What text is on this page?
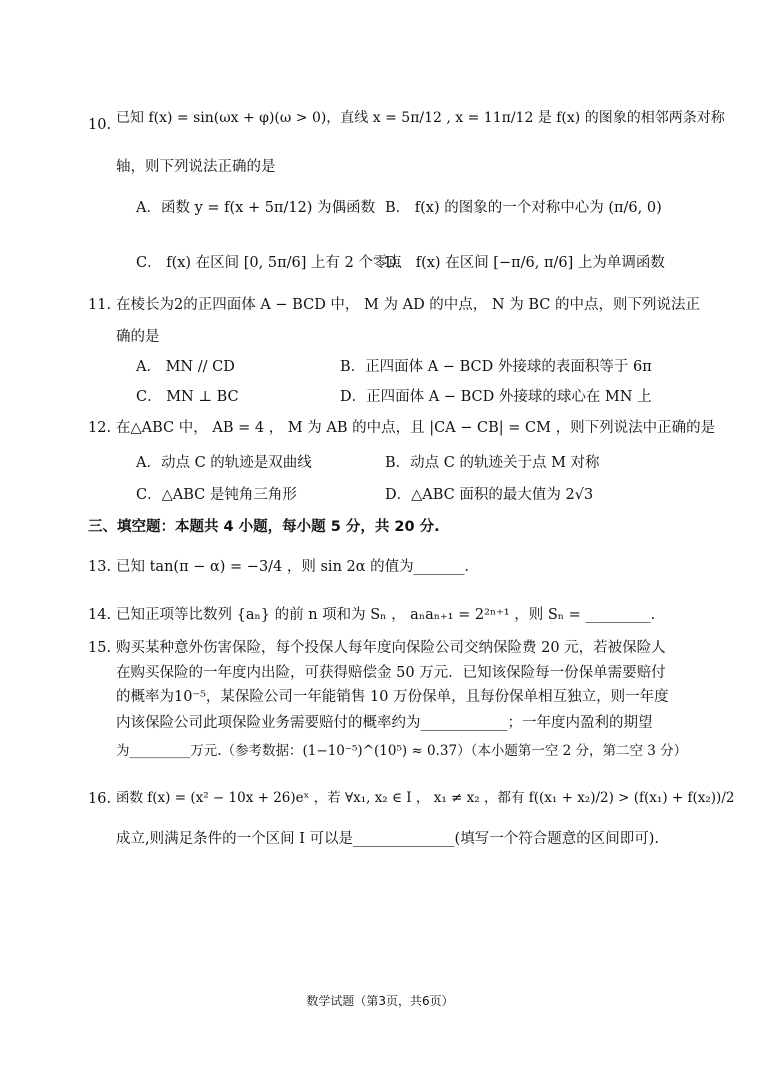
10. 已知 f(x) = sin(ωx + φ)(ω > 0)，直线 x = 5π/12 , x = 11π/12 是 f(x) 的图象的相邻两条对称
轴，则下列说法正确的是
A．函数 y = f(x + 5π/12) 为偶函数 B． f(x) 的图象的一个对称中心为 (π/6, 0)
C． f(x) 在区间 [0, 5π/6] 上有 2 个零点
D． f(x) 在区间 [−π/6, π/6] 上为单调函数
11. 在棱长为2的正四面体 A − BCD 中， M 为 AD 的中点， N 为 BC 的中点，则下列说法正
确的是
A． MN // CD	B．正四面体 A − BCD 外接球的表面积等于 6π
C． MN ⊥ BC	D．正四面体 A − BCD 外接球的球心在 MN 上
12. 在△ABC 中， AB = 4 ， M 为 AB 的中点，且 |CA − CB| = CM ，则下列说法中正确的是
A．动点 C 的轨迹是双曲线	B．动点 C 的轨迹关于点 M 对称
C．△ABC 是钝角三角形	D．△ABC 面积的最大值为 2√3
三、填空题：本题共 4 小题，每小题 5 分，共 20 分.
13. 已知 tan(π − α) = −3/4 ，则 sin 2α 的值为_______.
14. 已知正项等比数列 {aₙ} 的前 n 项和为 Sₙ ， aₙaₙ₊₁ = 2²ⁿ⁺¹ ，则 Sₙ = _________.
15. 购买某种意外伤害保险，每个投保人每年度向保险公司交纳保险费 20 元，若被保险人
在购买保险的一年度内出险，可获得赔偿金 50 万元．已知该保险每一份保单需要赔付
的概率为10⁻⁵，某保险公司一年能销售 10 万份保单，且每份保单相互独立，则一年度
内该保险公司此项保险业务需要赔付的概率约为____________；一年度内盈利的期望
为_________万元.（参考数据：(1−10⁻⁵)^(10⁵) ≈ 0.37）（本小题第一空 2 分，第二空 3 分）
16. 函数 f(x) = (x² − 10x + 26)eˣ ，若 ∀x₁, x₂ ∈ I ， x₁ ≠ x₂ ，都有 f((x₁ + x₂)/2) > (f(x₁) + f(x₂))/2
成立,则满足条件的一个区间 I 可以是______________(填写一个符合题意的区间即可).
数学试题（第3页，共6页）
